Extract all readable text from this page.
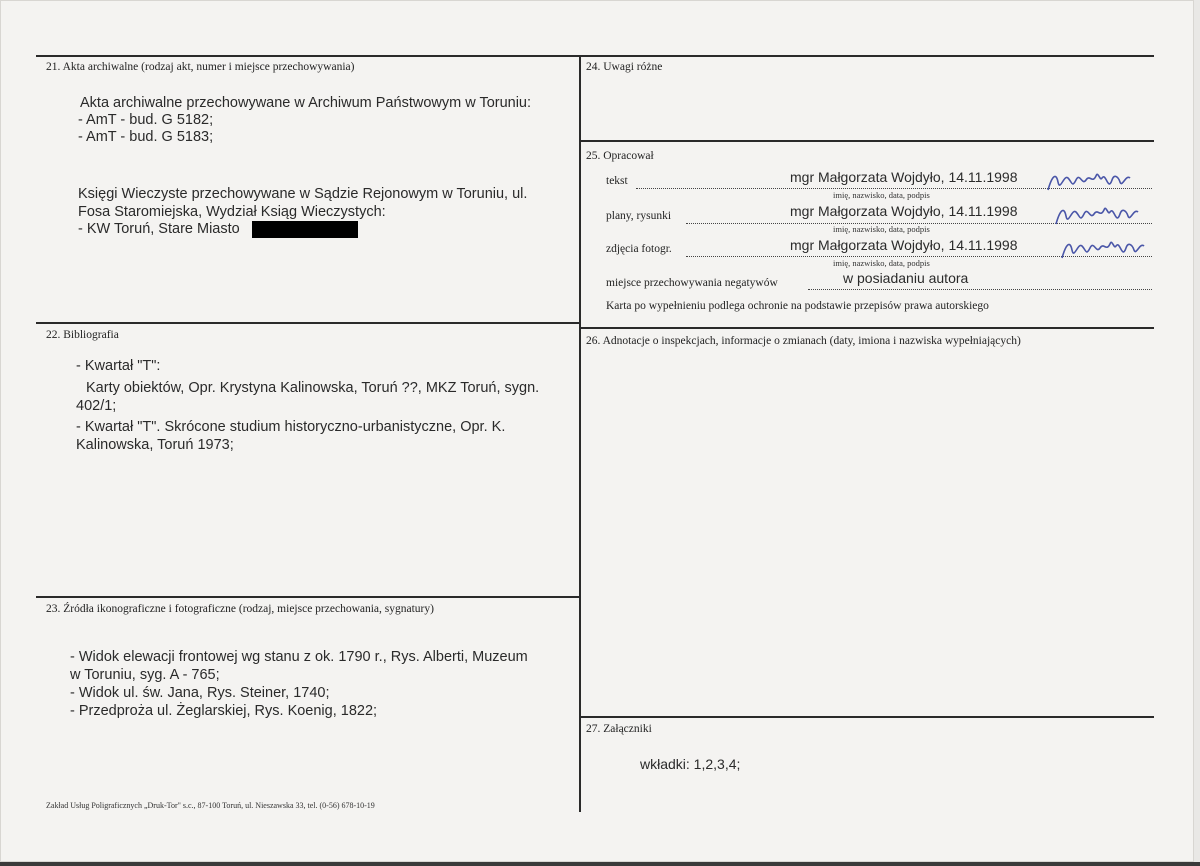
21. Akta archiwalne (rodzaj akt, numer i miejsce przechowywania)
Akta archiwalne przechowywane w Archiwum Państwowym w Toruniu:
- AmT - bud. G 5182;
- AmT - bud. G 5183;
Księgi Wieczyste przechowywane w Sądzie Rejonowym w Toruniu, ul.
Fosa Staromiejska, Wydział Ksiąg Wieczystych:
- KW Toruń, Stare Miasto
22. Bibliografia
- Kwartał "T":
Karty obiektów, Opr. Krystyna Kalinowska, Toruń ??, MKZ Toruń, sygn.
402/1;
- Kwartał "T". Skrócone studium historyczno-urbanistyczne, Opr. K.
Kalinowska, Toruń 1973;
23. Źródła ikonograficzne i fotograficzne (rodzaj, miejsce przechowania, sygnatury)
- Widok elewacji frontowej wg stanu z ok. 1790 r., Rys. Alberti, Muzeum
w Toruniu, syg. A - 765;
- Widok ul. św. Jana, Rys. Steiner, 1740;
- Przedproża ul. Żeglarskiej, Rys. Koenig, 1822;
24. Uwagi różne
25. Opracował
tekst	mgr Małgorzata Wojdyło, 14.11.1998
imię, nazwisko, data, podpis
plany, rysunki	mgr Małgorzata Wojdyło, 14.11.1998
imię, nazwisko, data, podpis
zdjęcia fotogr.	mgr Małgorzata Wojdyło, 14.11.1998
imię, nazwisko, data, podpis
miejsce przechowywania negatywów	w posiadaniu autora
Karta po wypełnieniu podlega ochronie na podstawie przepisów prawa autorskiego
26. Adnotacje o inspekcjach, informacje o zmianach (daty, imiona i nazwiska wypełniających)
27. Załączniki
wkładki: 1,2,3,4;
Zakład Usług Poligraficznych „Druk-Tor" s.c., 87-100 Toruń, ul. Nieszawska 33, tel. (0-56) 678-10-19
